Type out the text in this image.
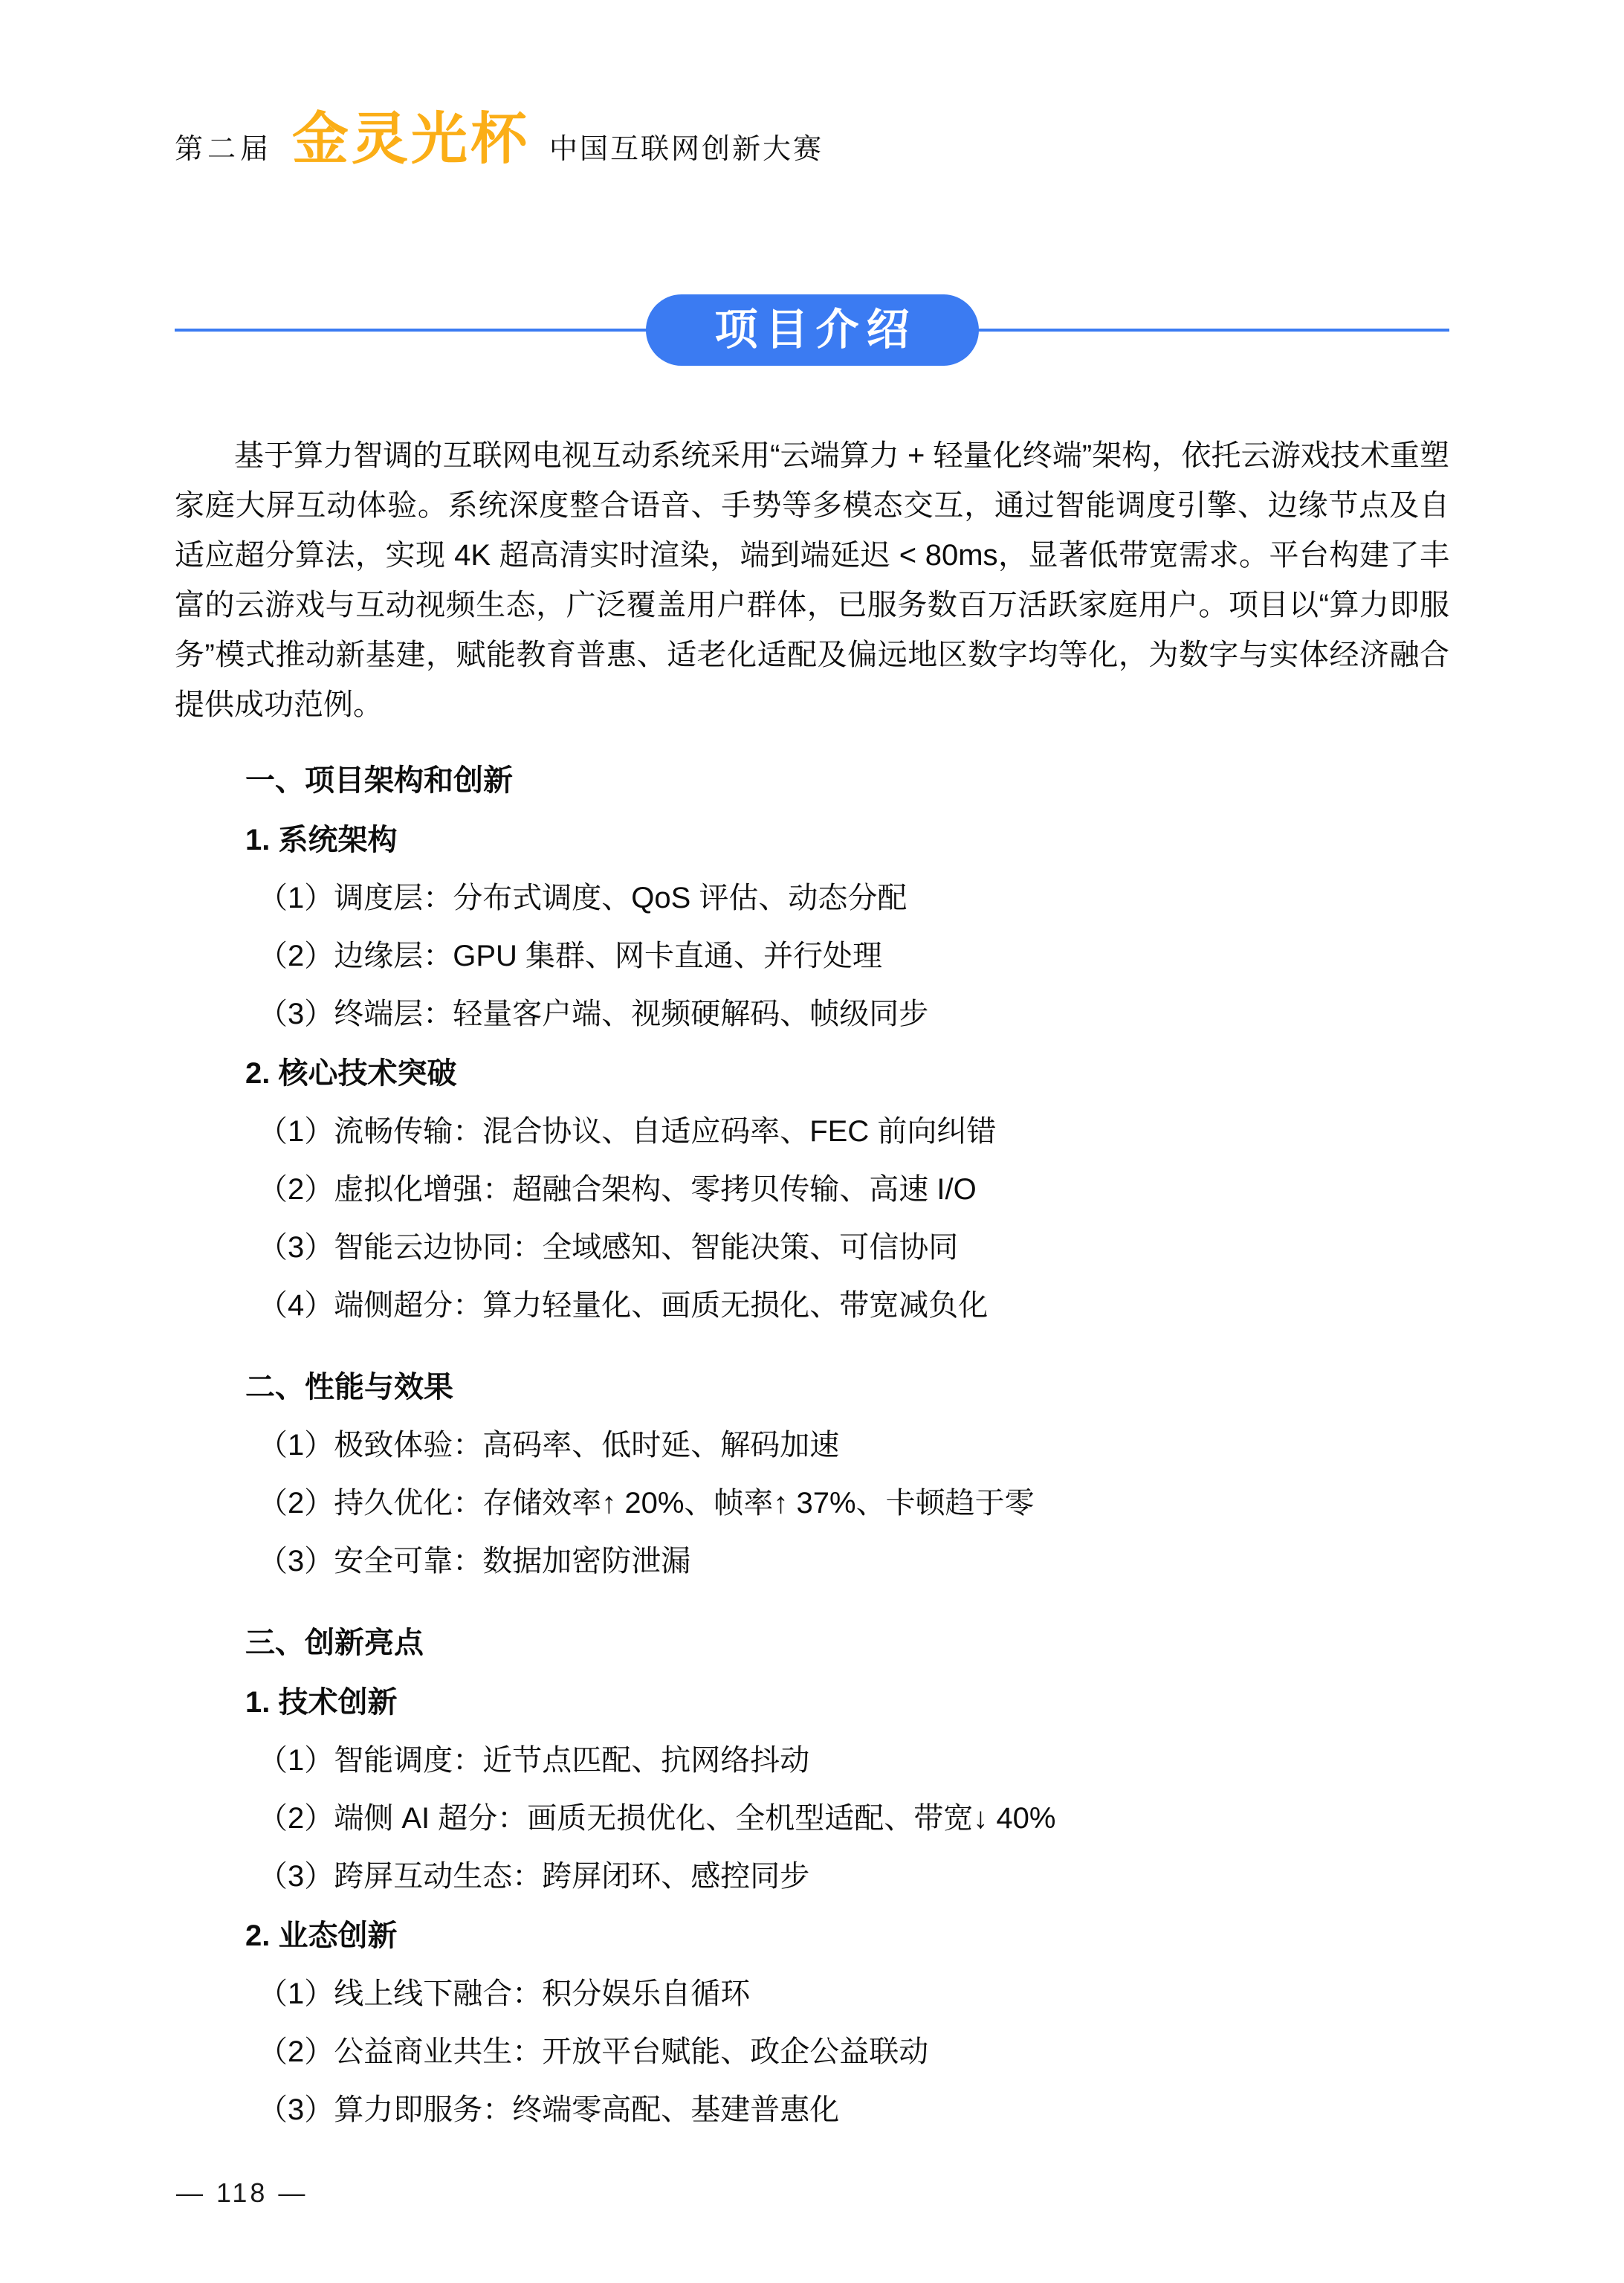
第二届 金灵光杯 中国互联网创新大赛
项目介绍

基于算力智调的互联网电视互动系统采用“云端算力 + 轻量化终端”架构，依托云游戏技术重塑家庭大屏互动体验。系统深度整合语音、手势等多模态交互，通过智能调度引擎、边缘节点及自适应超分算法，实现 4K 超高清实时渲染，端到端延迟 < 80ms，显著低带宽需求。平台构建了丰富的云游戏与互动视频生态，广泛覆盖用户群体，已服务数百万活跃家庭用户。项目以“算力即服务”模式推动新基建，赋能教育普惠、适老化适配及偏远地区数字均等化，为数字与实体经济融合提供成功范例。

一、项目架构和创新
1. 系统架构

（1）调度层：分布式调度、QoS 评估、动态分配

（2）边缘层：GPU 集群、网卡直通、并行处理

（3）终端层：轻量客户端、视频硬解码、帧级同步

2. 核心技术突破

（1）流畅传输：混合协议、自适应码率、FEC 前向纠错

（2）虚拟化增强：超融合架构、零拷贝传输、高速 I/O

（3）智能云边协同：全域感知、智能决策、可信协同

（4）端侧超分：算力轻量化、画质无损化、带宽减负化

二、性能与效果

（1）极致体验：高码率、低时延、解码加速

（2）持久优化：存储效率↑ 20%、帧率↑ 37%、卡顿趋于零

（3）安全可靠：数据加密防泄漏

三、创新亮点
1. 技术创新

（1）智能调度：近节点匹配、抗网络抖动

（2）端侧 AI 超分：画质无损优化、全机型适配、带宽↓ 40%

（3）跨屏互动生态：跨屏闭环、感控同步

2. 业态创新

（1）线上线下融合：积分娱乐自循环

（2）公益商业共生：开放平台赋能、政企公益联动

（3）算力即服务：终端零高配、基建普惠化

— 118 —
